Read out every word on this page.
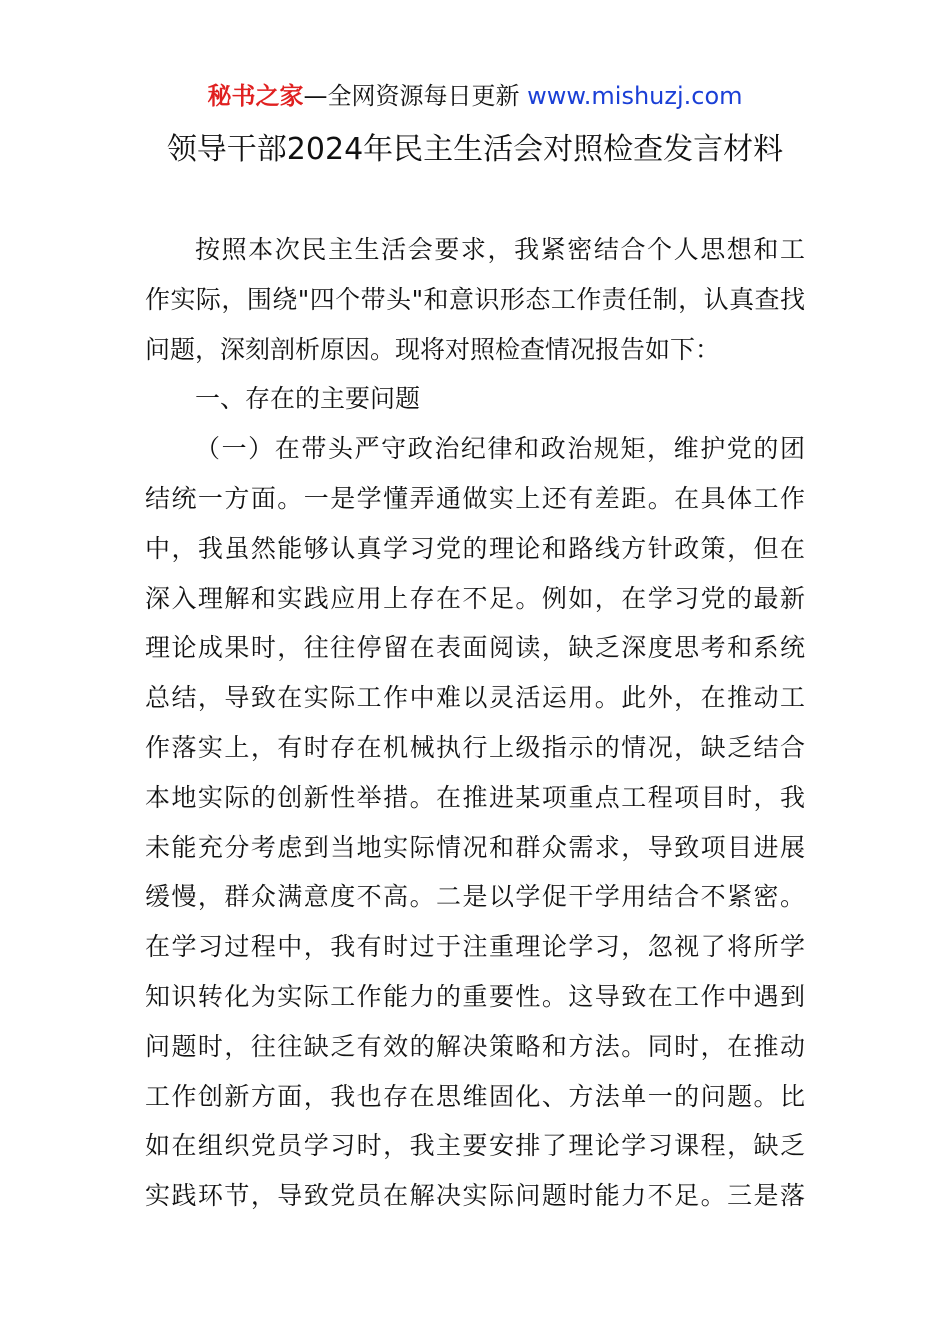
秘书之家—全网资源每日更新 www.mishuzj.com
领导干部2024年民主生活会对照检查发言材料
按照本次民主生活会要求，我紧密结合个人思想和工
作实际，围绕"四个带头"和意识形态工作责任制，认真查找
问题，深刻剖析原因。现将对照检查情况报告如下：
一、存在的主要问题
（一）在带头严守政治纪律和政治规矩，维护党的团
结统一方面。一是学懂弄通做实上还有差距。在具体工作
中，我虽然能够认真学习党的理论和路线方针政策，但在
深入理解和实践应用上存在不足。例如，在学习党的最新
理论成果时，往往停留在表面阅读，缺乏深度思考和系统
总结，导致在实际工作中难以灵活运用。此外，在推动工
作落实上，有时存在机械执行上级指示的情况，缺乏结合
本地实际的创新性举措。在推进某项重点工程项目时，我
未能充分考虑到当地实际情况和群众需求，导致项目进展
缓慢，群众满意度不高。二是以学促干学用结合不紧密。
在学习过程中，我有时过于注重理论学习，忽视了将所学
知识转化为实际工作能力的重要性。这导致在工作中遇到
问题时，往往缺乏有效的解决策略和方法。同时，在推动
工作创新方面，我也存在思维固化、方法单一的问题。比
如在组织党员学习时，我主要安排了理论学习课程，缺乏
实践环节，导致党员在解决实际问题时能力不足。三是落
